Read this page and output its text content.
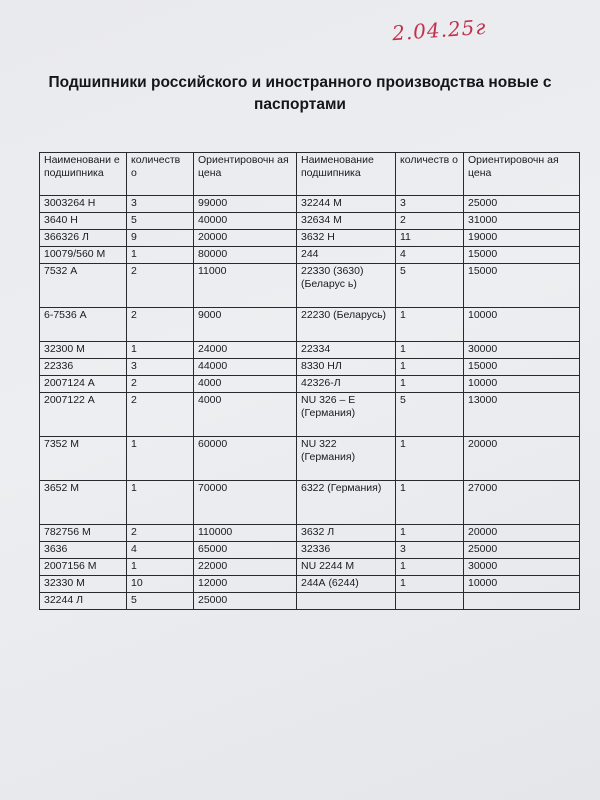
2.04.25г
Подшипники российского и иностранного производства новые с паспортами
Наименовани е подшипника	количеств о	Ориентировочн ая цена	Наименование подшипника	количеств о	Ориентировочн ая цена
3003264 Н	3	99000	32244 М	3	25000
3640 Н	5	40000	32634 М	2	31000
366326 Л	9	20000	3632 Н	11	19000
10079/560 М	1	80000	244	4	15000
7532 А	2	11000	22330 (3630)(Беларус ь)	5	15000
6-7536 А	2	9000	22230 (Беларусь)	1	10000
32300 М	1	24000	22334	1	30000
22336	3	44000	8330 НЛ	1	15000
2007124 А	2	4000	42326-Л	1	10000
2007122 А	2	4000	NU 326 – E (Германия)	5	13000
7352 М	1	60000	NU 322 (Германия)	1	20000
3652 М	1	70000	6322 (Германия)	1	27000
782756 М	2	110000	3632 Л	1	20000
3636	4	65000	32336	3	25000
2007156 М	1	22000	NU 2244 М	1	30000
32330 М	10	12000	244А (6244)	1	10000
32244 Л	5	25000			
